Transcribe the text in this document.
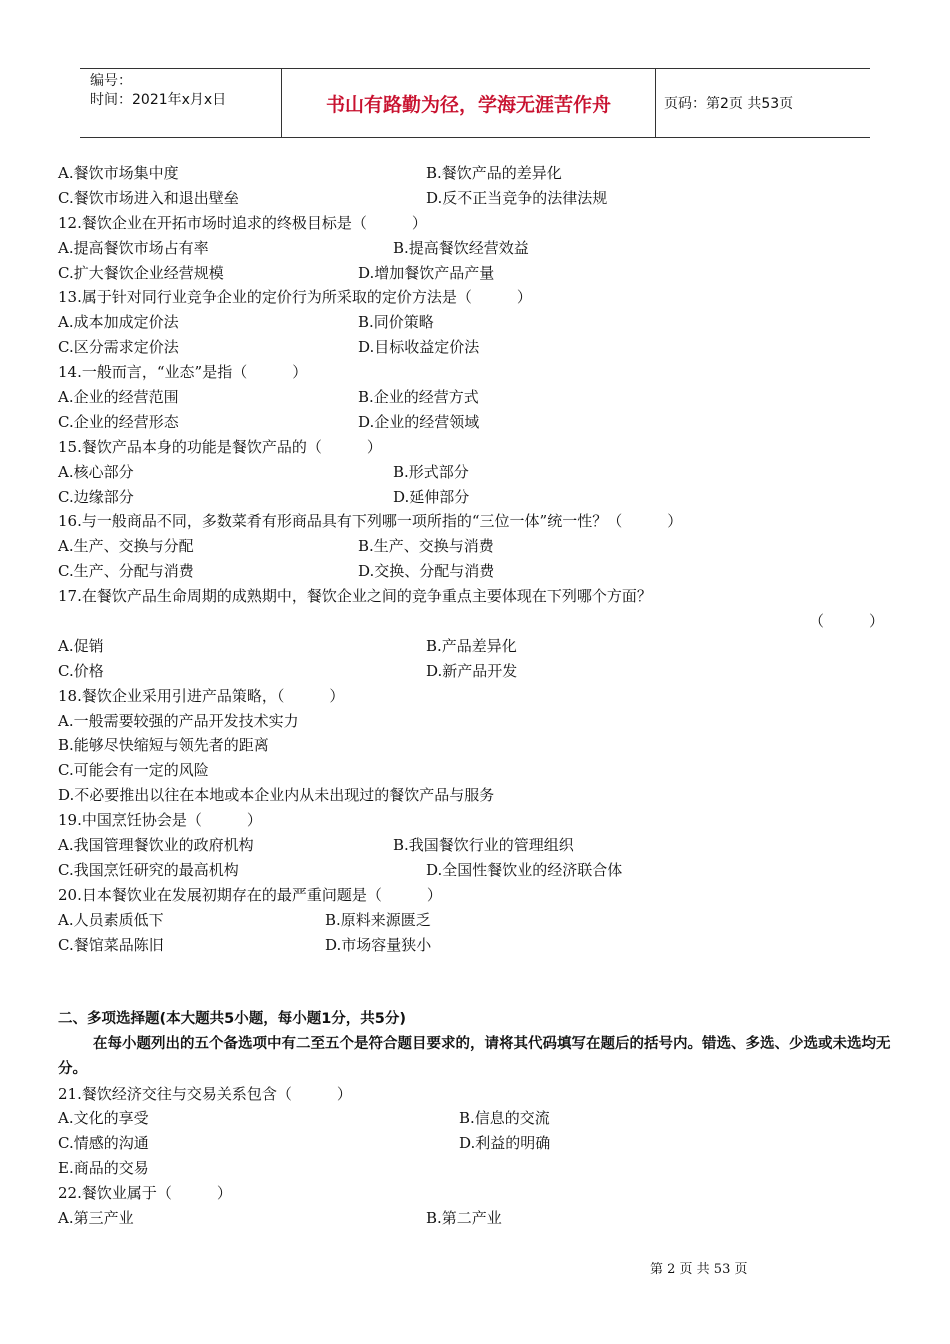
编号：
时间：2021年x月x日	书山有路勤为径，学海无涯苦作舟	页码：第2页 共53页
A.餐饮市场集中度	B.餐饮产品的差异化
C.餐饮市场进入和退出壁垒	D.反不正当竞争的法律法规
12.餐饮企业在开拓市场时追求的终极目标是（　　　）
A.提高餐饮市场占有率	B.提高餐饮经营效益
C.扩大餐饮企业经营规模	D.增加餐饮产品产量
13.属于针对同行业竞争企业的定价行为所采取的定价方法是（　　　）
A.成本加成定价法	B.同价策略
C.区分需求定价法	D.目标收益定价法
14.一般而言，“业态”是指（　　　）
A.企业的经营范围	B.企业的经营方式
C.企业的经营形态	D.企业的经营领域
15.餐饮产品本身的功能是餐饮产品的（　　　）
A.核心部分	B.形式部分
C.边缘部分	D.延伸部分
16.与一般商品不同，多数菜肴有形商品具有下列哪一项所指的“三位一体”统一性？（　　　）
A.生产、交换与分配	B.生产、交换与消费
C.生产、分配与消费	D.交换、分配与消费
17.在餐饮产品生命周期的成熟期中，餐饮企业之间的竞争重点主要体现在下列哪个方面？
（　　　）
A.促销	B.产品差异化
C.价格	D.新产品开发
18.餐饮企业采用引进产品策略，（　　　）
A.一般需要较强的产品开发技术实力
B.能够尽快缩短与领先者的距离
C.可能会有一定的风险
D.不必要推出以往在本地或本企业内从未出现过的餐饮产品与服务
19.中国烹饪协会是（　　　）
A.我国管理餐饮业的政府机构	B.我国餐饮行业的管理组织
C.我国烹饪研究的最高机构	D.全国性餐饮业的经济联合体
20.日本餐饮业在发展初期存在的最严重问题是（　　　）
A.人员素质低下	B.原料来源匮乏
C.餐馆菜品陈旧	D.市场容量狭小
二、多项选择题(本大题共5小题，每小题1分，共5分)
在每小题列出的五个备选项中有二至五个是符合题目要求的，请将其代码填写在题后的括号内。错选、多选、少选或未选均无分。
21.餐饮经济交往与交易关系包含（　　　）
A.文化的享受	B.信息的交流
C.情感的沟通	D.利益的明确
E.商品的交易
22.餐饮业属于（　　　）
A.第三产业	B.第二产业
第 2 页 共 53 页
